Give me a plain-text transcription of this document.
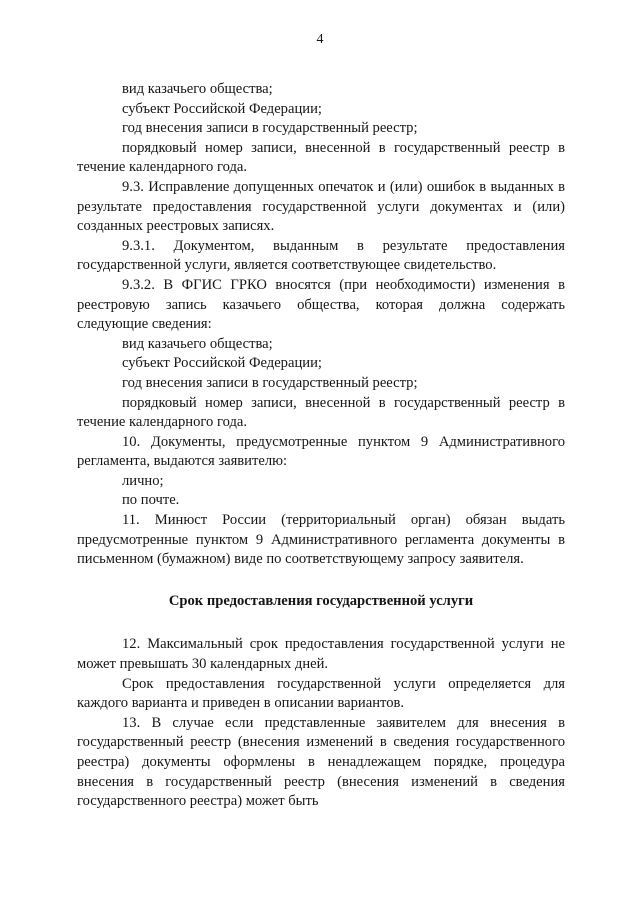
4

вид казачьего общества;

субъект Российской Федерации;

год внесения записи в государственный реестр;

порядковый номер записи, внесенной в государственный реестр в течение календарного года.

9.3. Исправление допущенных опечаток и (или) ошибок в выданных в результате предоставления государственной услуги документах и (или) созданных реестровых записях.

9.3.1. Документом, выданным в результате предоставления государственной услуги, является соответствующее свидетельство.

9.3.2. В ФГИС ГРКО вносятся (при необходимости) изменения в реестровую запись казачьего общества, которая должна содержать следующие сведения:

вид казачьего общества;

субъект Российской Федерации;

год внесения записи в государственный реестр;

порядковый номер записи, внесенной в государственный реестр в течение календарного года.

10. Документы, предусмотренные пунктом 9 Административного регламента, выдаются заявителю:

лично;

по почте.

11. Минюст России (территориальный орган) обязан выдать предусмотренные пунктом 9 Административного регламента документы в письменном (бумажном) виде по соответствующему запросу заявителя.

Срок предоставления государственной услуги

12. Максимальный срок предоставления государственной услуги не может превышать 30 календарных дней.

Срок предоставления государственной услуги определяется для каждого варианта и приведен в описании вариантов.

13. В случае если представленные заявителем для внесения в государственный реестр (внесения изменений в сведения государственного реестра) документы оформлены в ненадлежащем порядке, процедура внесения в государственный реестр (внесения изменений в сведения государственного реестра) может быть
